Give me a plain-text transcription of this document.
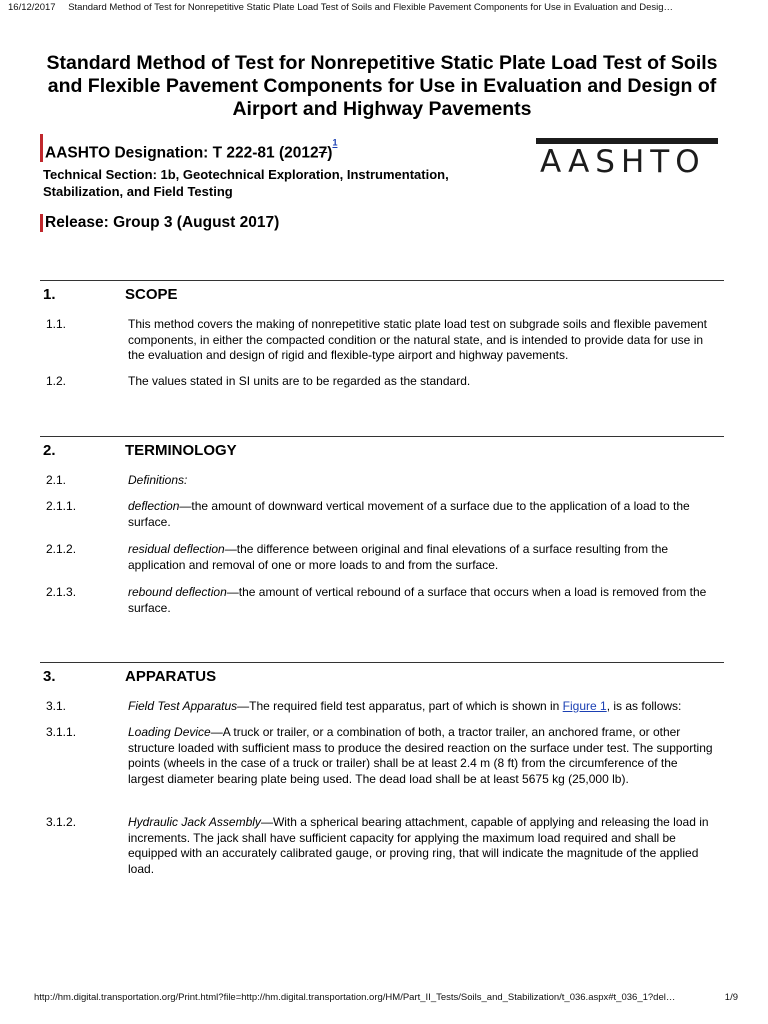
16/12/2017 Standard Method of Test for Nonrepetitive Static Plate Load Test of Soils and Flexible Pavement Components for Use in Evaluation and Desig…
Standard Method of Test for Nonrepetitive Static Plate Load Test of Soils and Flexible Pavement Components for Use in Evaluation and Design of Airport and Highway Pavements
AASHTO Designation: T 222-81 (20127)$^{^1}$
Technical Section: 1b, Geotechnical Exploration, Instrumentation, Stabilization, and Field Testing
Release: Group 3 (August 2017)
AASHTO
1.	SCOPE
1.1.	This method covers the making of nonrepetitive static plate load test on subgrade soils and flexible pavement components, in either the compacted condition or the natural state, and is intended to provide data for use in the evaluation and design of rigid and flexible-type airport and highway pavements.
1.2.	The values stated in SI units are to be regarded as the standard.
2.	TERMINOLOGY
2.1.	Definitions:
2.1.1.	deflection—the amount of downward vertical movement of a surface due to the application of a load to the surface.
2.1.2.	residual deflection—the difference between original and final elevations of a surface resulting from the application and removal of one or more loads to and from the surface.
2.1.3.	rebound deflection—the amount of vertical rebound of a surface that occurs when a load is removed from the surface.
3.	APPARATUS
3.1.	Field Test Apparatus—The required field test apparatus, part of which is shown in Figure 1, is as follows:
3.1.1.	Loading Device—A truck or trailer, or a combination of both, a tractor trailer, an anchored frame, or other structure loaded with sufficient mass to produce the desired reaction on the surface under test. The supporting points (wheels in the case of a truck or trailer) shall be at least 2.4 m (8 ft) from the circumference of the largest diameter bearing plate being used. The dead load shall be at least 5675 kg (25,000 lb).
3.1.2.	Hydraulic Jack Assembly—With a spherical bearing attachment, capable of applying and releasing the load in increments. The jack shall have sufficient capacity for applying the maximum load required and shall be equipped with an accurately calibrated gauge, or proving ring, that will indicate the magnitude of the applied load.
http://hm.digital.transportation.org/Print.html?file=http://hm.digital.transportation.org/HM/Part_II_Tests/Soils_and_Stabilization/t_036.aspx#t_036_1?del…	1/9
